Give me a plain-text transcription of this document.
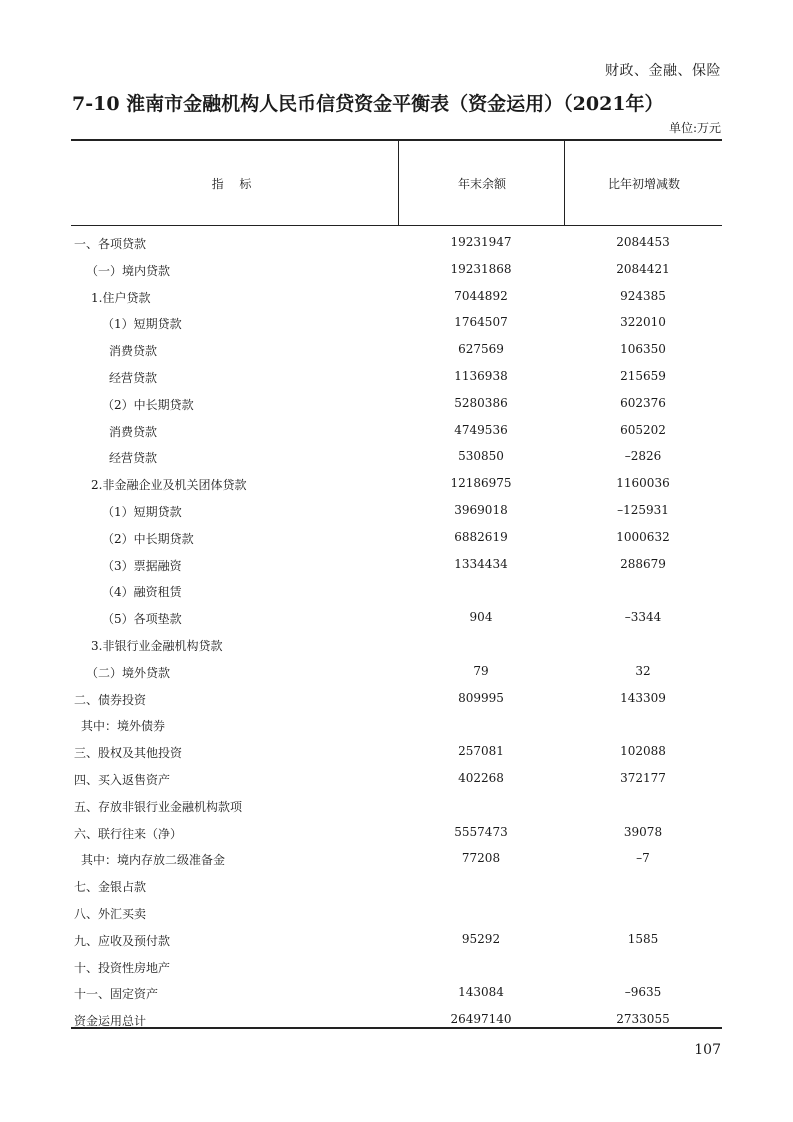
财政、金融、保险
7-10 淮南市金融机构人民币信贷资金平衡表（资金运用）（2021年）
单位:万元
指 标	年末余额	比年初增减数
一、各项贷款	19231947	2084453
（一）境内贷款	19231868	2084421
1.住户贷款	7044892	924385
（1）短期贷款	1764507	322010
消费贷款	627569	106350
经营贷款	1136938	215659
（2）中长期贷款	5280386	602376
消费贷款	4749536	605202
经营贷款	530850	–2826
2.非金融企业及机关团体贷款	12186975	1160036
（1）短期贷款	3969018	–125931
（2）中长期贷款	6882619	1000632
（3）票据融资	1334434	288679
（4）融资租赁
（5）各项垫款	904	–3344
3.非银行业金融机构贷款
（二）境外贷款	79	32
二、债券投资	809995	143309
其中：境外债券
三、股权及其他投资	257081	102088
四、买入返售资产	402268	372177
五、存放非银行业金融机构款项
六、联行往来（净）	5557473	39078
其中：境内存放二级准备金	77208	–7
七、金银占款
八、外汇买卖
九、应收及预付款	95292	1585
十、投资性房地产
十一、固定资产	143084	–9635
资金运用总计	26497140	2733055
107
